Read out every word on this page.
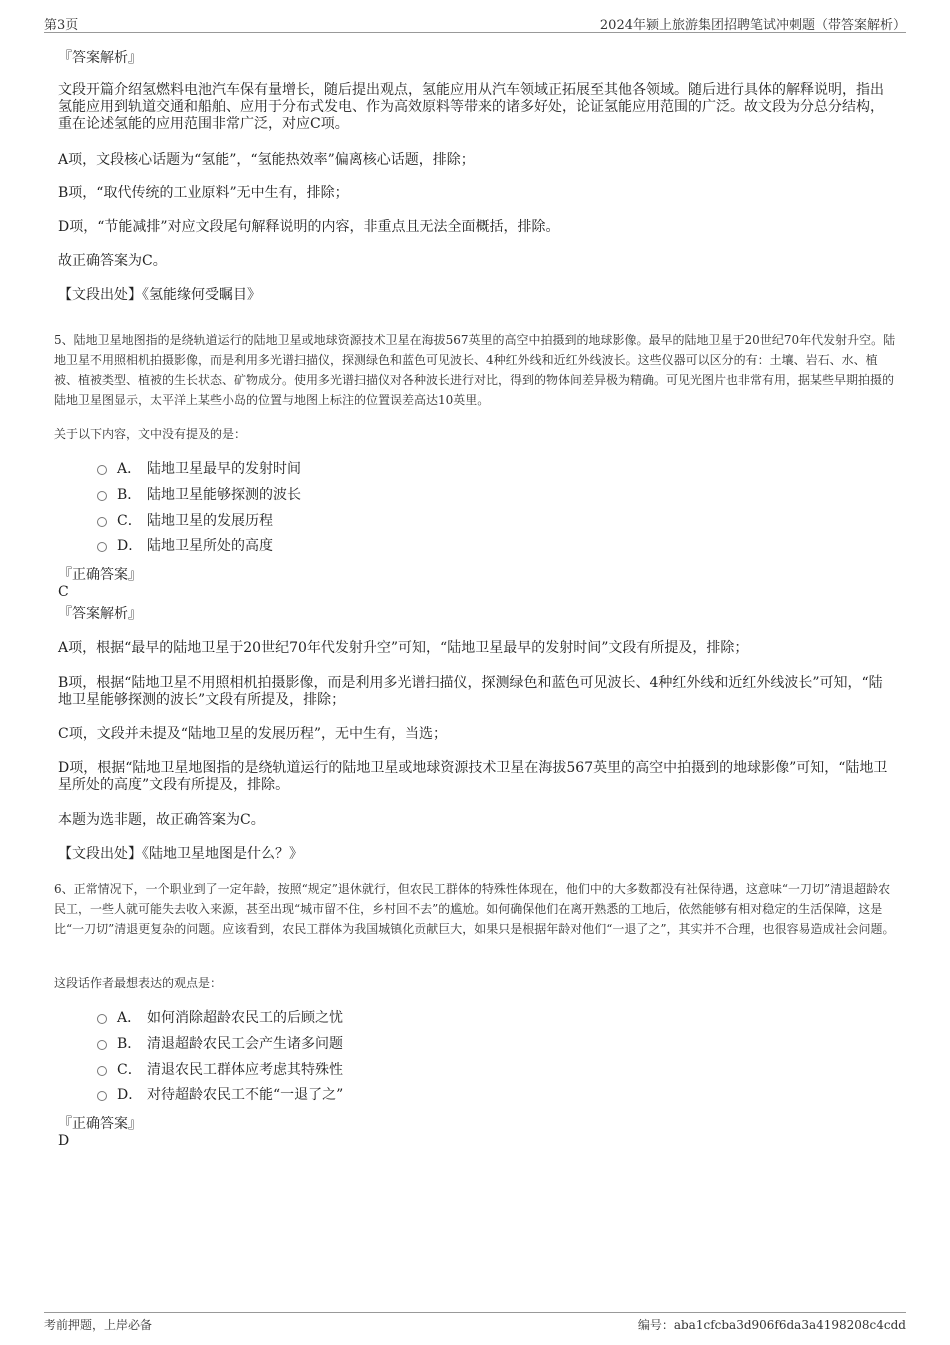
第3页	2024年颍上旅游集团招聘笔试冲刺题（带答案解析）
『答案解析』
文段开篇介绍氢燃料电池汽车保有量增长，随后提出观点，氢能应用从汽车领域正拓展至其他各领域。随后进行具体的解释说明，指出氢能应用到轨道交通和船舶、应用于分布式发电、作为高效原料等带来的诸多好处，论证氢能应用范围的广泛。故文段为分总分结构，重在论述氢能的应用范围非常广泛，对应C项。
A项，文段核心话题为“氢能”，“氢能热效率”偏离核心话题，排除；
B项，“取代传统的工业原料”无中生有，排除；
D项，“节能减排”对应文段尾句解释说明的内容，非重点且无法全面概括，排除。
故正确答案为C。
【文段出处】《氢能缘何受瞩目》
5、陆地卫星地图指的是绕轨道运行的陆地卫星或地球资源技术卫星在海拔567英里的高空中拍摄到的地球影像。最早的陆地卫星于20世纪70年代发射升空。陆地卫星不用照相机拍摄影像，而是利用多光谱扫描仪，探测绿色和蓝色可见波长、4种红外线和近红外线波长。这些仪器可以区分的有：土壤、岩石、水、植被、植被类型、植被的生长状态、矿物成分。使用多光谱扫描仪对各种波长进行对比，得到的物体间差异极为精确。可见光图片也非常有用，据某些早期拍摄的陆地卫星图显示，太平洋上某些小岛的位置与地图上标注的位置误差高达10英里。
关于以下内容，文中没有提及的是：
A． 陆地卫星最早的发射时间
B． 陆地卫星能够探测的波长
C． 陆地卫星的发展历程
D． 陆地卫星所处的高度
『正确答案』
C
『答案解析』
A项，根据“最早的陆地卫星于20世纪70年代发射升空”可知，“陆地卫星最早的发射时间”文段有所提及，排除；
B项，根据“陆地卫星不用照相机拍摄影像，而是利用多光谱扫描仪，探测绿色和蓝色可见波长、4种红外线和近红外线波长”可知，“陆地卫星能够探测的波长”文段有所提及，排除；
C项，文段并未提及“陆地卫星的发展历程”，无中生有，当选；
D项，根据“陆地卫星地图指的是绕轨道运行的陆地卫星或地球资源技术卫星在海拔567英里的高空中拍摄到的地球影像”可知，“陆地卫星所处的高度”文段有所提及，排除。
本题为选非题，故正确答案为C。
【文段出处】《陆地卫星地图是什么？》
6、正常情况下，一个职业到了一定年龄，按照“规定”退休就行，但农民工群体的特殊性体现在，他们中的大多数都没有社保待遇，这意味“一刀切”清退超龄农民工，一些人就可能失去收入来源，甚至出现“城市留不住，乡村回不去”的尴尬。如何确保他们在离开熟悉的工地后，依然能够有相对稳定的生活保障，这是比“一刀切”清退更复杂的问题。应该看到，农民工群体为我国城镇化贡献巨大，如果只是根据年龄对他们“一退了之”，其实并不合理，也很容易造成社会问题。
这段话作者最想表达的观点是：
A． 如何消除超龄农民工的后顾之忧
B． 清退超龄农民工会产生诸多问题
C． 清退农民工群体应考虑其特殊性
D． 对待超龄农民工不能“一退了之”
『正确答案』
D
考前押题，上岸必备	编号：aba1cfcba3d906f6da3a4198208c4cdd
